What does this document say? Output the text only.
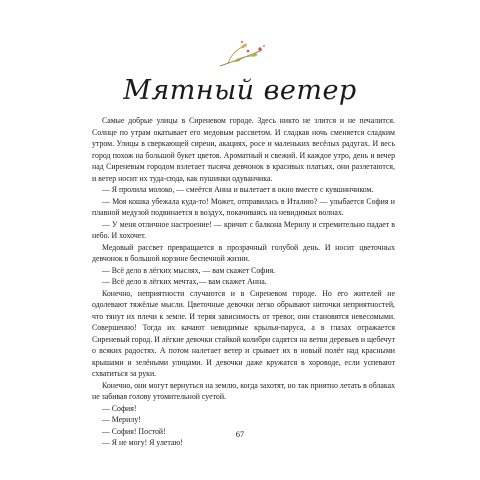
Мятный ветер

Самые добрые улицы в Сиреневом городе. Здесь никто не злится и не печалится. Солнце по утрам окатывает его медовым рассветом. И сладкая ночь сменяется сладким утром. Улицы в сверкающей сирени, акациях, росе и маленьких весёлых радугах. И весь город похож на большой букет цветов. Ароматный и свежий. И каждое утро, день и вечер над Сиреневым городом взлетает тысяча девчонок в красивых платьях, они разлетаются, и ветер носит их туда-сюда, как пушинки одуванчика.

— Я пролила молоко, — смеётся Анна и вылетает в окно вместе с кувшинчиком.

— Моя кошка убежала куда-то! Может, отправилась в Италию? — улыбается София и плавной медузой подвинается в воздух, покачиваясь на невидимых волнах.

— У меня отличное настроение! — кричит с балкона Мерилу и стремительно падает в небо. И хохочет.

Медовый рассвет превращается в прозрачный голубой день. И носит цветочных девчонок в большой корзине беспечной жизни.

— Всё дело в лёгких мыслях, — вам скажет София.

— Всё дело в лёгких мечтах,— вам скажет Анна.

Конечно, неприятности случаются и в Сиреневом городе. Но его жителей не одолевают тяжёлые мысли. Цветочные девочки легко обрывают ниточки неприятностей, что тянут их плечи к земле. И теряя зависимость от тревог, они становятся невесомыми. Совершенно! Тогда их качают невидимые крылья-паруса, а в глазах отражается Сиреневый город. И лёгкие девочки стайкой колибри садятся на ветви деревьев и щебечут о всяких радостях. А потом налетает ветер и срывает их в новый полёт над красными крышами и зелёными улицами. И девочки даже кружатся в хороводе, если успевают схватиться за руки.

Конечно, они могут вернуться на землю, когда захотят, но так приятно летать в облаках не забивая голову утомительной суетой.

— София!

— Мерилу!

— София! Постой!

— Я не могу! Я улетаю!

67
